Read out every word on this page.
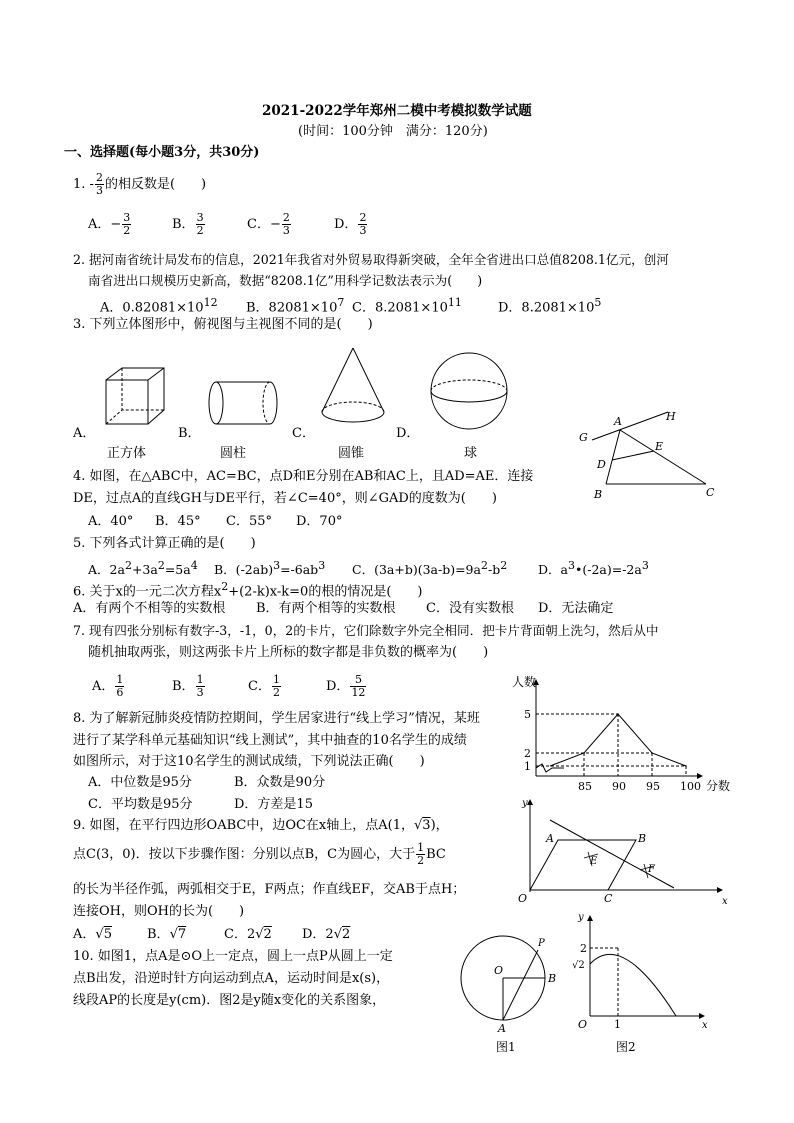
2021-2022学年郑州二模中考模拟数学试题
(时间：100分钟　满分：120分)
一、选择题(每小题3分，共30分)
1. - $\frac{2}{3}$ 的相反数是(　　)
A．− $\frac{3}{2}$	B． $\frac{3}{2}$	C．− $\frac{2}{3}$	D． $\frac{2}{3}$
2. 据河南省统计局发布的信息，2021年我省对外贸易取得新突破，全年全省进出口总值8208.1亿元，创河
南省进出口规模历史新高，数据“8208.1亿”用科学记数法表示为(　　)
A．$0.82081\times 10^{12}$ B．$82081\times 10^7$ C．$8.2081\times 10^{11}$	D．$8.2081\times 10^5$
3. 下列立体图形中，俯视图与主视图不同的是(　　)
A．	B．	C．	D．
正方体	圆柱	圆锥	球
A	H
G
E
D
B	C
4. 如图，在△ABC中，AC=BC，点D和E分别在AB和AC上，且AD=AE．连接
DE，过点A的直线GH与DE平行，若∠C=40°，则∠GAD的度数为(　　)
A．40° B．45° C．55° D．70°
5. 下列各式计算正确的是(　　)
A．$2a^2+3a^2=5a^4$ B．$(-2ab)^3=-6ab^3$ C．$(3a+b)(3a-b)=9a^2-b^2$ D．$a^3•(-2a)=-2a^3$
6. 关于x的一元二次方程$x^2+(2-k)x-k=0$的根的情况是(　　)
A．有两个不相等的实数根 B．有两个相等的实数根 C．没有实数根 D．无法确定
7. 现有四张分别标有数字-3，-1，0，2的卡片，它们除数字外完全相同．把卡片背面朝上洗匀，然后从中
随机抽取两张，则这两张卡片上所标的数字都是非负数的概率为(　　)
A． $\frac{1}{6}$	B． $\frac{1}{3}$	C． $\frac{1}{2}$	D． $\frac{5}{12}$	人数
分数
85 90 95 100
1
2
5
8. 为了解新冠肺炎疫情防控期间，学生居家进行“线上学习”情况，某班
进行了某学科单元基础知识“线上测试”，其中抽查的10名学生的成绩
如图所示，对于这10名学生的测试成绩，下列说法正确(　　)
A．中位数是95分	B．众数是90分
C．平均数是95分	D．方差是15	y
A	B
E
F
O	C	x
9. 如图，在平行四边形OABC中，边OC在x轴上，点A(1，√3)，
点C(3，0)．按以下步骤作图：分别以点B，C为圆心，大于 $\frac{1}{2}$ BC
的长为半径作弧，两弧相交于E，F两点；作直线EF，交AB于点H；
连接OH，则OH的长为(　　)
A．√5	B．√7	C．2√2 D．2√2
10. 如图1，点A是⊙O上一定点，圆上一点P从圆上一定
点B出发，沿逆时针方向运动到点A，运动时间是x(s)，
线段AP的长度是y(cm)．图2是y随x变化的关系图象，
P
O
B
A
y
2
√2
O 1	x
图1	图2
